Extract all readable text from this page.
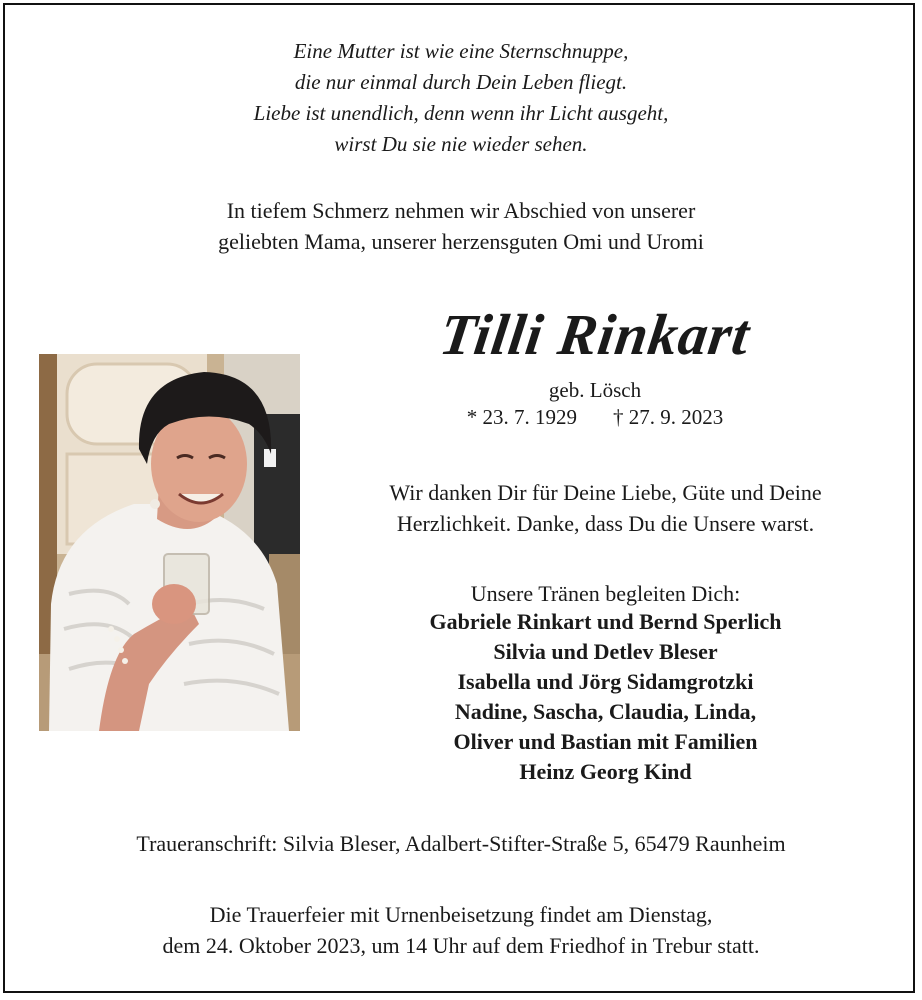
Eine Mutter ist wie eine Sternschnuppe,
die nur einmal durch Dein Leben fliegt.
Liebe ist unendlich, denn wenn ihr Licht ausgeht,
wirst Du sie nie wieder sehen.
In tiefem Schmerz nehmen wir Abschied von unserer
geliebten Mama, unserer herzensguten Omi und Uromi
Tilli Rinkart
geb. Lösch
* 23. 7. 1929 † 27. 9. 2023
Wir danken Dir für Deine Liebe, Güte und Deine
Herzlichkeit. Danke, dass Du die Unsere warst.
Unsere Tränen begleiten Dich:
Gabriele Rinkart und Bernd Sperlich
Silvia und Detlev Bleser
Isabella und Jörg Sidamgrotzki
Nadine, Sascha, Claudia, Linda,
Oliver und Bastian mit Familien
Heinz Georg Kind
Traueranschrift: Silvia Bleser, Adalbert-Stifter-Straße 5, 65479 Raunheim
Die Trauerfeier mit Urnenbeisetzung findet am Dienstag,
dem 24. Oktober 2023, um 14 Uhr auf dem Friedhof in Trebur statt.
